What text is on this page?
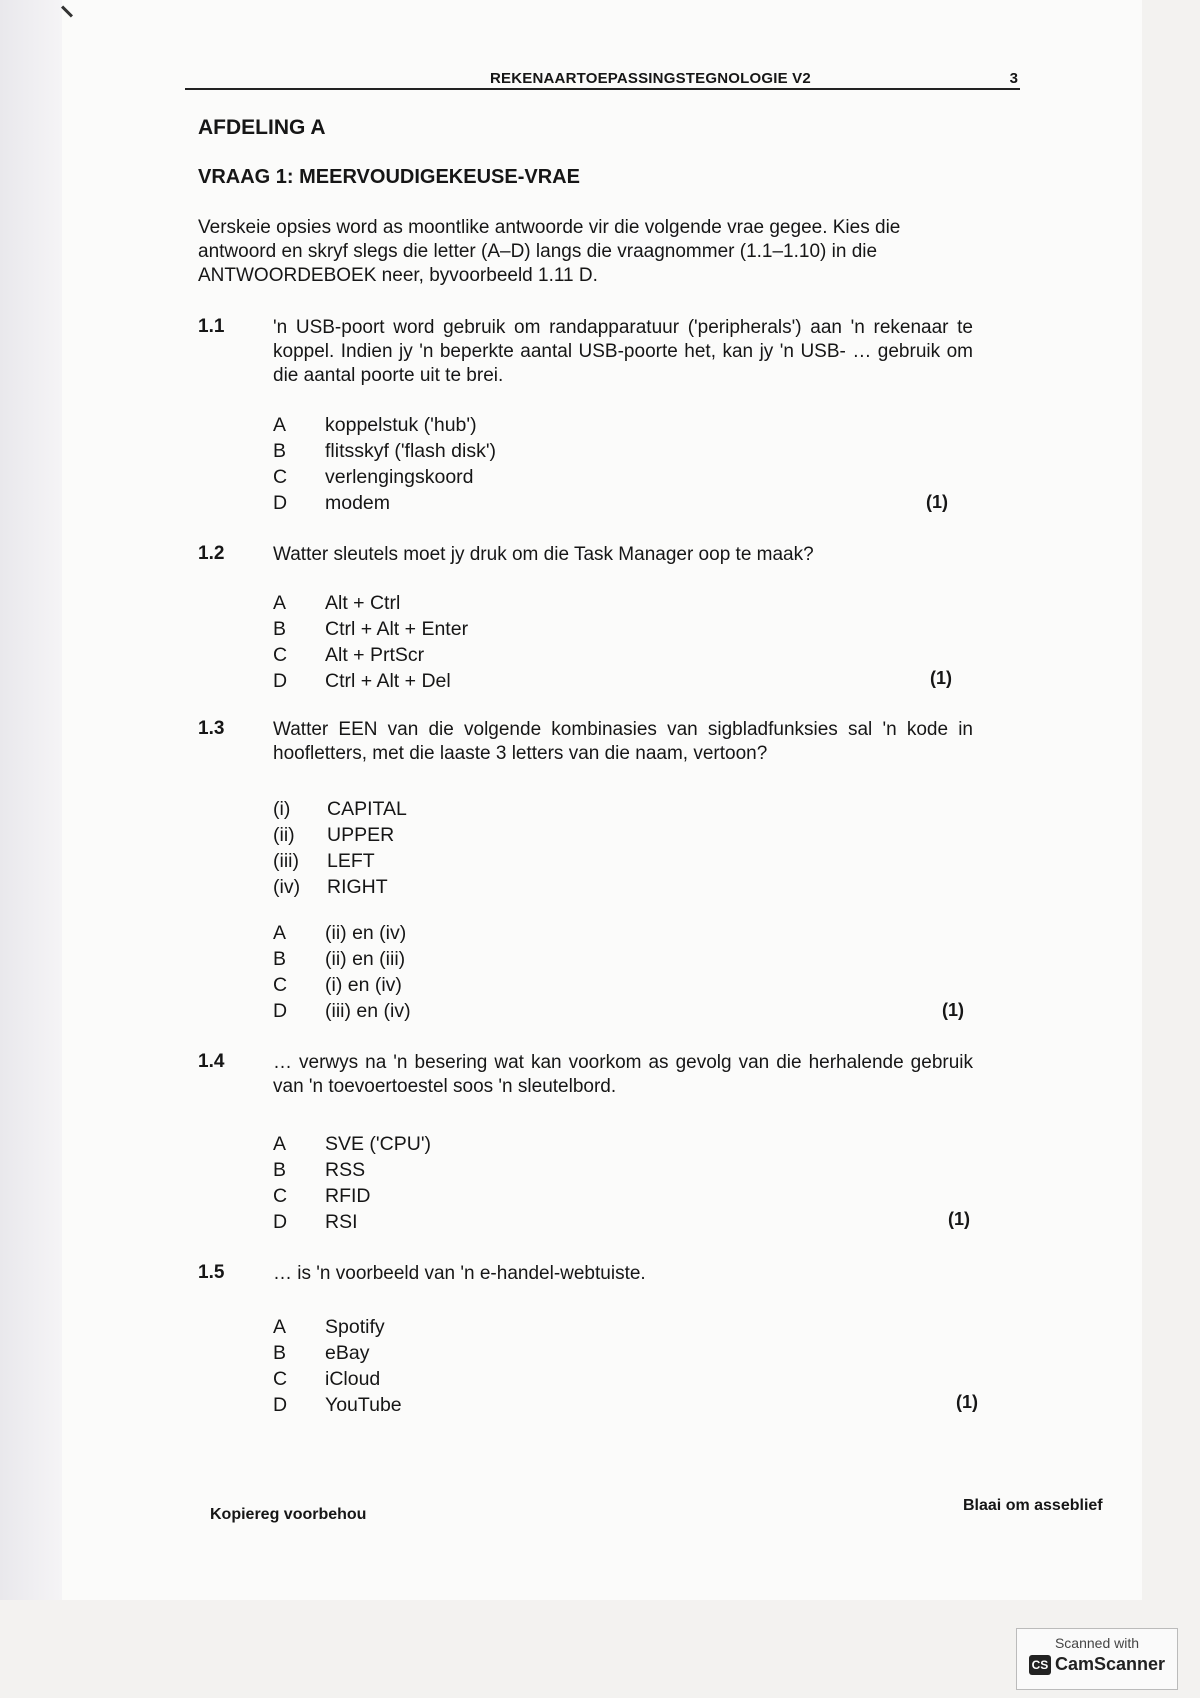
REKENAARTOEPASSINGSTEGNOLOGIE V2	3
AFDELING A
VRAAG 1: MEERVOUDIGEKEUSE-VRAE
Verskeie opsies word as moontlike antwoorde vir die volgende vrae gegee. Kies die antwoord en skryf slegs die letter (A–D) langs die vraagnommer (1.1–1.10) in die ANTWOORDEBOEK neer, byvoorbeeld 1.11 D.
1.1	'n USB-poort word gebruik om randapparatuur ('peripherals') aan 'n rekenaar te koppel. Indien jy 'n beperkte aantal USB-poorte het, kan jy 'n USB- … gebruik om die aantal poorte uit te brei.
A koppelstuk ('hub')
B flitsskyf ('flash disk')
C verlengingskoord
D modem	(1)
1.2	Watter sleutels moet jy druk om die Task Manager oop te maak?
A Alt + Ctrl
B Ctrl + Alt + Enter
C Alt + PrtScr
D Ctrl + Alt + Del	(1)
1.3	Watter EEN van die volgende kombinasies van sigbladfunksies sal 'n kode in hoofletters, met die laaste 3 letters van die naam, vertoon?
(i) CAPITAL
(ii) UPPER
(iii) LEFT
(iv) RIGHT
A (ii) en (iv)
B (ii) en (iii)
C (i) en (iv)
D (iii) en (iv)	(1)
1.4	… verwys na 'n besering wat kan voorkom as gevolg van die herhalende gebruik van 'n toevoertoestel soos 'n sleutelbord.
A SVE ('CPU')
B RSS
C RFID
D RSI	(1)
1.5	… is 'n voorbeeld van 'n e-handel-webtuiste.
A Spotify
B eBay
C iCloud
D YouTube	(1)
Kopiereg voorbehou
Blaai om asseblief
Scanned with
CS CamScanner
